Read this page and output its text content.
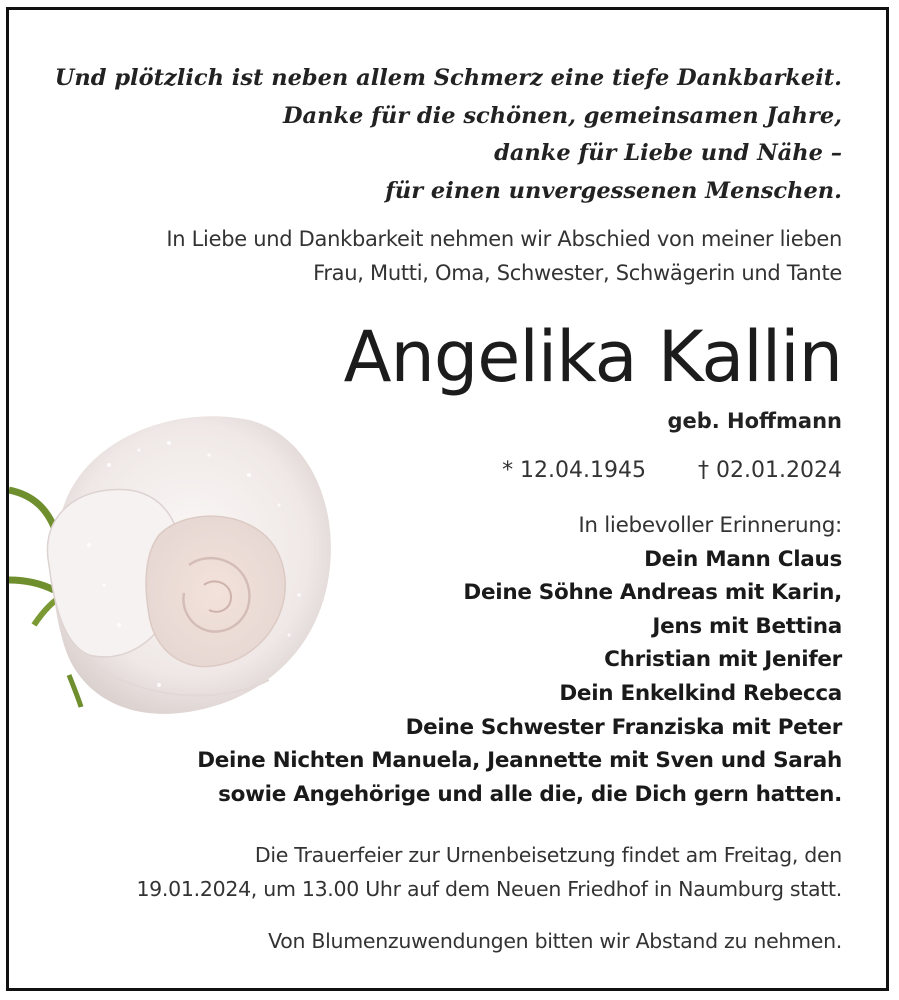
Und plötzlich ist neben allem Schmerz eine tiefe Dankbarkeit.
Danke für die schönen, gemeinsamen Jahre,
danke für Liebe und Nähe –
für einen unvergessenen Menschen.
In Liebe und Dankbarkeit nehmen wir Abschied von meiner lieben
Frau, Mutti, Oma, Schwester, Schwägerin und Tante
Angelika Kallin
geb. Hoffmann
* 12.04.1945 † 02.01.2024
In liebevoller Erinnerung:
Dein Mann Claus
Deine Söhne Andreas mit Karin,
Jens mit Bettina
Christian mit Jenifer
Dein Enkelkind Rebecca
Deine Schwester Franziska mit Peter
Deine Nichten Manuela, Jeannette mit Sven und Sarah
sowie Angehörige und alle die, die Dich gern hatten.
Die Trauerfeier zur Urnenbeisetzung findet am Freitag, den
19.01.2024, um 13.00 Uhr auf dem Neuen Friedhof in Naumburg statt.
Von Blumenzuwendungen bitten wir Abstand zu nehmen.
